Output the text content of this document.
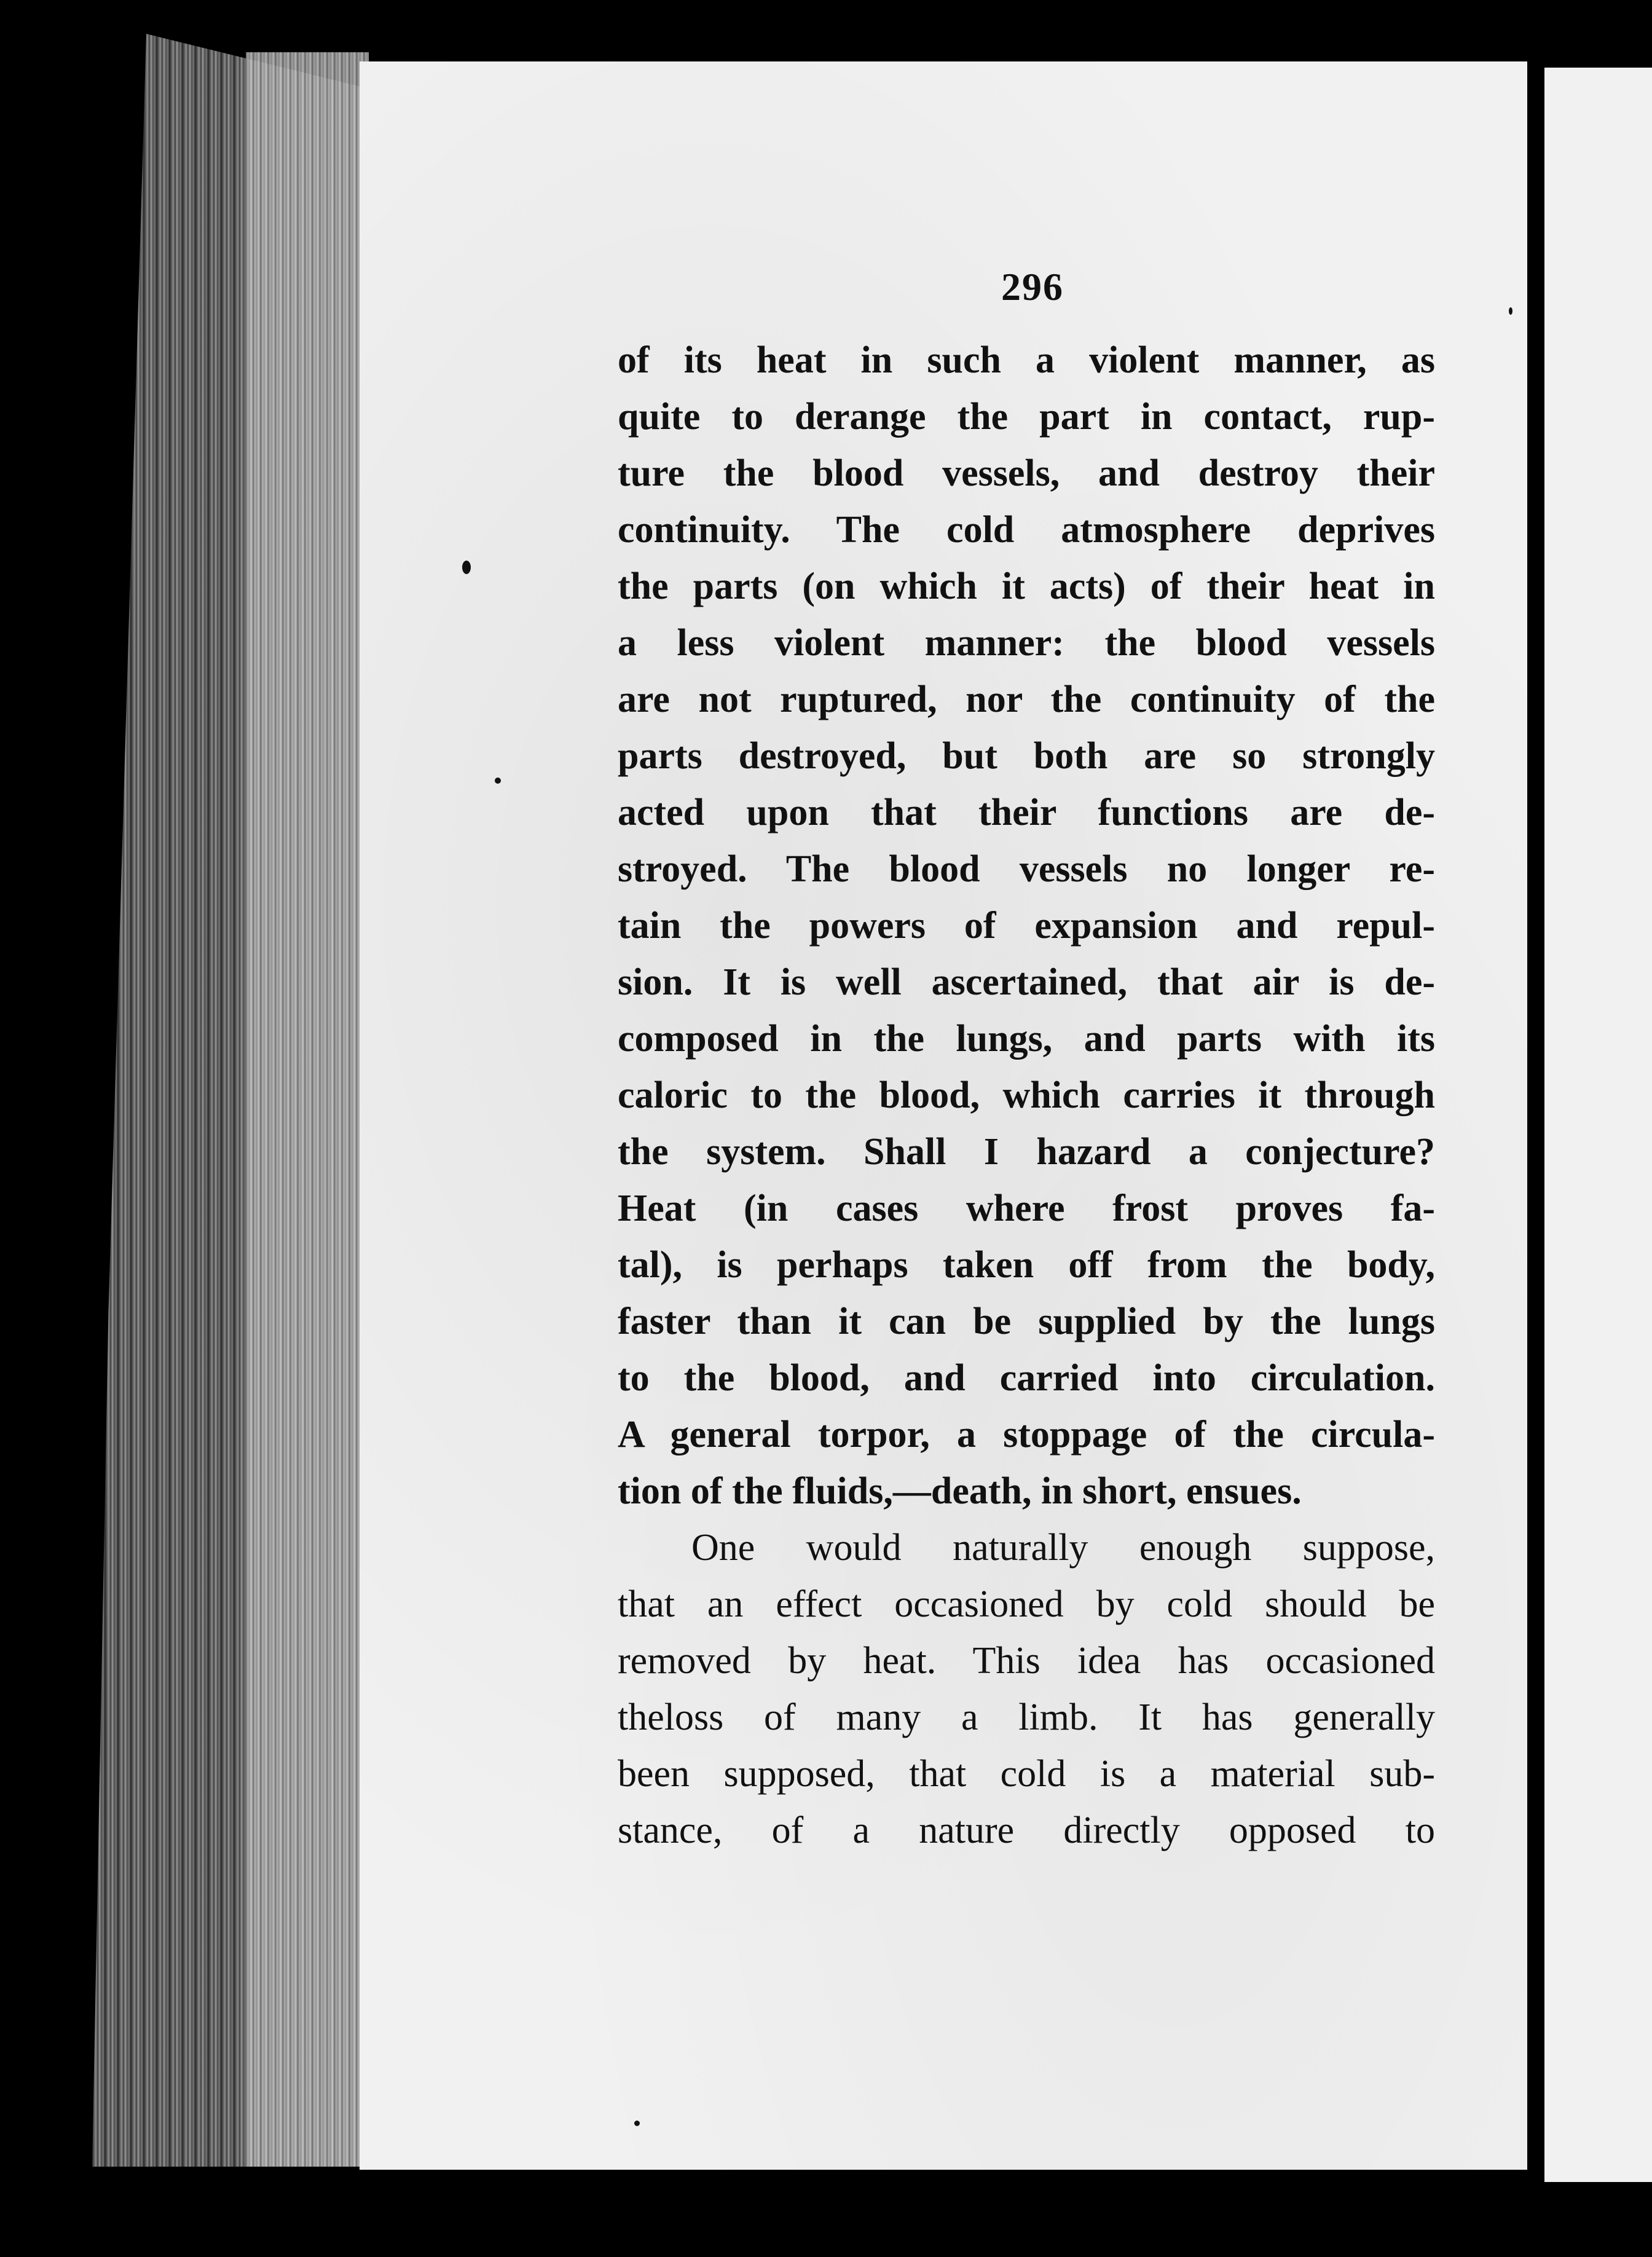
296
of its heat in such a violent manner, as
quite to derange the part in contact, rup-
ture the blood vessels, and destroy their
continuity. The cold atmosphere deprives
the parts (on which it acts) of their heat in
a less violent manner: the blood vessels
are not ruptured, nor the continuity of the
parts destroyed, but both are so strongly
acted upon that their functions are de-
stroyed. The blood vessels no longer re-
tain the powers of expansion and repul-
sion. It is well ascertained, that air is de-
composed in the lungs, and parts with its
caloric to the blood, which carries it through
the system. Shall I hazard a conjecture?
Heat (in cases where frost proves fa-
tal), is perhaps taken off from the body,
faster than it can be supplied by the lungs
to the blood, and carried into circulation.
A general torpor, a stoppage of the circula-
tion of the fluids,—death, in short, ensues.
One would naturally enough suppose,
that an effect occasioned by cold should be
removed by heat. This idea has occasioned
theloss of many a limb. It has generally
been supposed, that cold is a material sub-
stance, of a nature directly opposed to
